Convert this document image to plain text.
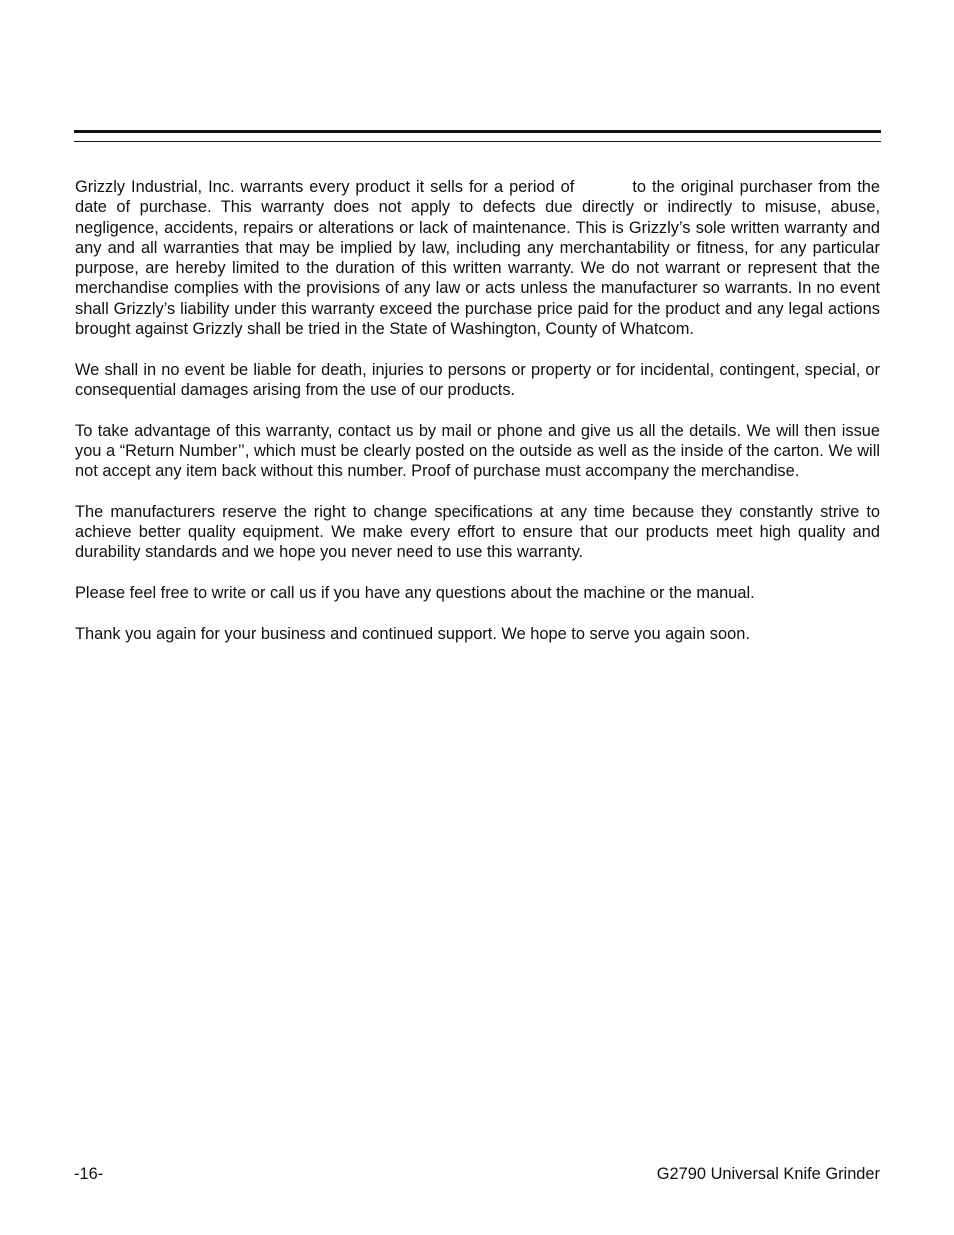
Grizzly Industrial, Inc. warrants every product it sells for a period of	to the original purchaser from the date of purchase. This warranty does not apply to defects due directly or indirectly to misuse, abuse, negligence, accidents, repairs or alterations or lack of maintenance. This is Grizzly’s sole written warranty and any and all warranties that may be implied by law, including any merchantability or fitness, for any particular purpose, are hereby limited to the duration of this written warranty. We do not warrant or represent that the merchandise complies with the provisions of any law or acts unless the manufacturer so warrants. In no event shall Grizzly’s liability under this warranty exceed the purchase price paid for the product and any legal actions brought against Grizzly shall be tried in the State of Washington, County of Whatcom.

We shall in no event be liable for death, injuries to persons or property or for incidental, contingent, special, or consequential damages arising from the use of our products.

To take advantage of this warranty, contact us by mail or phone and give us all the details. We will then issue you a “Return Number’’, which must be clearly posted on the outside as well as the inside of the carton. We will not accept any item back without this number. Proof of purchase must accompany the merchandise.

The manufacturers reserve the right to change specifications at any time because they constantly strive to achieve better quality equipment. We make every effort to ensure that our products meet high quality and durability standards and we hope you never need to use this warranty.

Please feel free to write or call us if you have any questions about the machine or the manual.

Thank you again for your business and continued support. We hope to serve you again soon.

-16-	G2790 Universal Knife Grinder
